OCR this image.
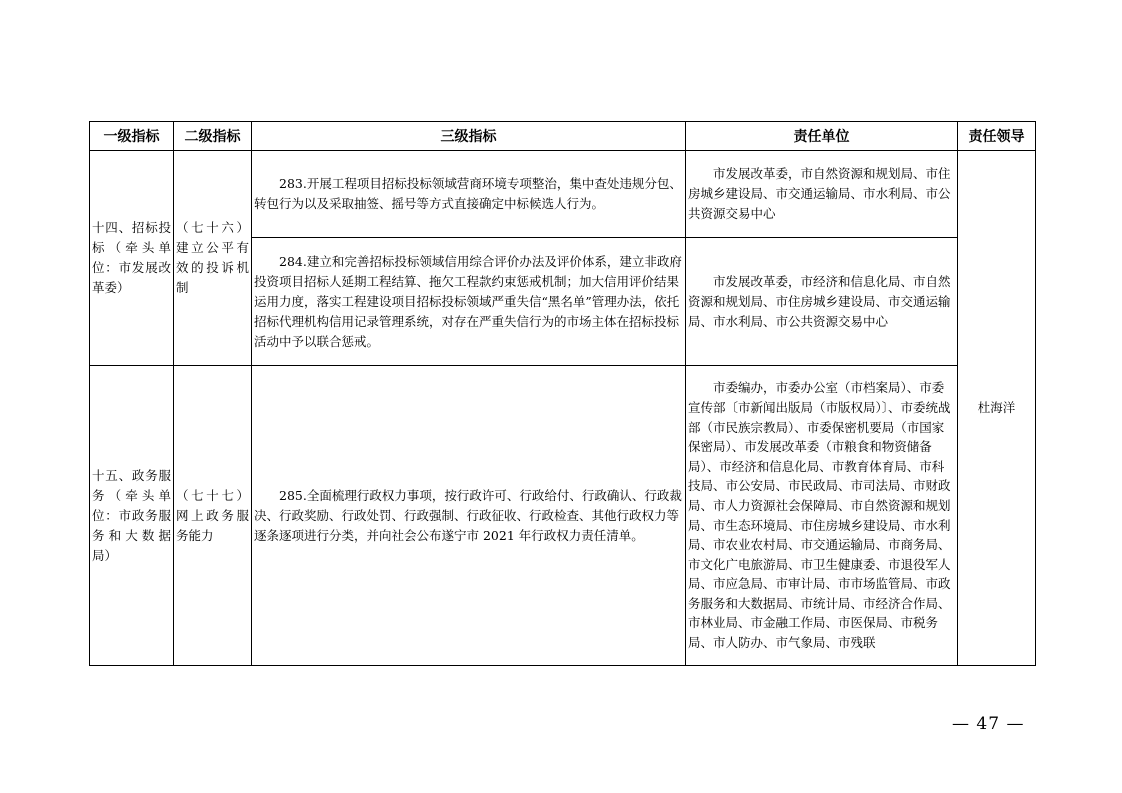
一级指标	二级指标	三级指标	责任单位	责任领导
十四、招标投标（牵头单位：市发展改革委）	（七十六）建立公平有效的投诉机制	283.开展工程项目招标投标领域营商环境专项整治，集中查处违规分包、转包行为以及采取抽签、摇号等方式直接确定中标候选人行为。	市发展改革委，市自然资源和规划局、市住房城乡建设局、市交通运输局、市水利局、市公共资源交易中心	杜海洋
		284.建立和完善招标投标领域信用综合评价办法及评价体系，建立非政府投资项目招标人延期工程结算、拖欠工程款约束惩戒机制；加大信用评价结果运用力度，落实工程建设项目招标投标领域严重失信“黑名单”管理办法，依托招标代理机构信用记录管理系统，对存在严重失信行为的市场主体在招标投标活动中予以联合惩戒。	市发展改革委，市经济和信息化局、市自然资源和规划局、市住房城乡建设局、市交通运输局、市水利局、市公共资源交易中心	
十五、政务服务（牵头单位：市政务服务和大数据局）	（七十七）网上政务服务能力	285.全面梳理行政权力事项，按行政许可、行政给付、行政确认、行政裁决、行政奖励、行政处罚、行政强制、行政征收、行政检查、其他行政权力等逐条逐项进行分类，并向社会公布遂宁市 2021 年行政权力责任清单。	市委编办，市委办公室（市档案局）、市委宣传部〔市新闻出版局（市版权局）〕、市委统战部（市民族宗教局）、市委保密机要局（市国家保密局）、市发展改革委（市粮食和物资储备局）、市经济和信息化局、市教育体育局、市科技局、市公安局、市民政局、市司法局、市财政局、市人力资源社会保障局、市自然资源和规划局、市生态环境局、市住房城乡建设局、市水利局、市农业农村局、市交通运输局、市商务局、市文化广电旅游局、市卫生健康委、市退役军人局、市应急局、市审计局、市市场监管局、市政务服务和大数据局、市统计局、市经济合作局、市林业局、市金融工作局、市医保局、市税务局、市人防办、市气象局、市残联	
— 47 —
